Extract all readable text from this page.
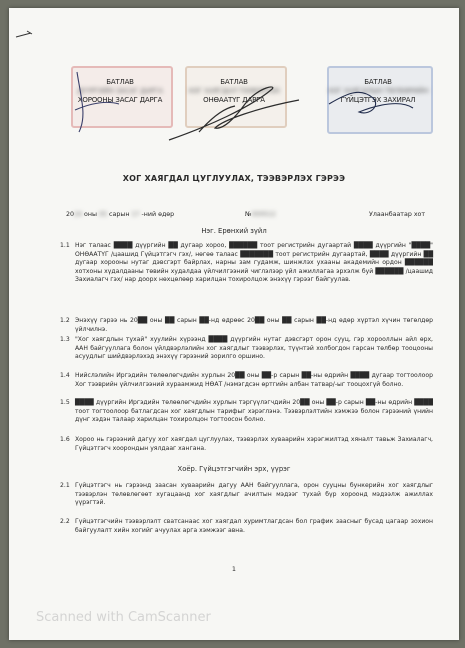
БАТЛАВ
ДҮҮРГИЙН ЗАСАГ ДАРГА
ХОРООНЫ ЗАСАГ ДАРГА
БАТЛАВ
ХОГ ХАЯГДАЛ ТЭЭВЭРЛЭХ
ОНӨААТҮГ ДАРГА
БАТЛАВ
ХОГ ХАЯГДЛЫН ТӨЛБӨРИЙН
ГҮЙЦЭТГЭХ ЗАХИРАЛ
ХОГ ХАЯГДАЛ ЦУГЛУУЛАХ, ТЭЭВЭРЛЭХ ГЭРЭЭ
2024 оны 05 сарын 17 -ний өдөр	№000512	Улаанбаатар хот
Нэг. Ерөнхий зүйл
1.1 Нэг талаас ████ дүүргийн ██ дугаар хороо, ██████ тоот регистрийн дугаартай ████ дүүргийн "████" ОНӨААТҮГ /цаашид Гүйцэтгэгч гэх/, нөгөө талаас ███████ тоот регистрийн дугаартай, ████ дүүргийн ██ дугаар хорооны нутаг дэвсгэрт байрлах, нарны зам гудамж, шинжлэх ухааны академийн ордон ██████ хотхоны хүдалдааны төвийн худалдаа үйлчилгээний чиглэлээр үйл ажиллагаа эрхэлж буй ██████ /цаашид Захиалагч гэх/ нар доорх нөхцөлөөр харилцан тохиролцож энэхүү гэрээг байгуулав.
1.2 Энэхүү гэрээ нь 20██ оны ██ сарын ██-нд өдрөөс 20██ оны ██ сарын ██-нд өдөр хүртэл хүчин төгөлдөр үйлчилнэ.
1.3 "Хог хаягдлын тухай" хуулийн хүрээнд ████ дүүргийн нутаг дэвсгэрт орон сууц, гэр хорооллын айл өрх, ААН байгууллага болон үйлдвэрлэлийн хог хаягдлыг тээвэрлэх, түүнтэй холбогдон гарсан төлбөр тооцооны асуудлыг шийдвэрлэхэд энэхүү гэрээний зорилго оршино.
1.4 Нийслэлийн Иргэдийн төлөөлөгчдийн хурлын 20██ оны ██-р сарын ██-ны өдрийн ████ дугаар тогтоолоор Хог тээврийн үйлчилгээний хураамжид НӨАТ /нэмэгдсэн өртгийн албан татвар/-ыг тооцохгүй болно.
1.5 ████ дүүргийн Иргэдийн төлөөлөгчдийн хурлын тэргүүлэгчдийн 20██ оны ██-р сарын ██-ны өдрийн ████ тоот тогтоолоор батлагдсан хог хаягдлын тарифыг хэрэглэнэ. Тээвэрлэлтийн хэмжээ болон гэрээний үнийн дүнг хэдэн талаар харилцан тохиролцон тогтоосон болно.
1.6 Хороо нь гэрээний дагуу хог хаягдал цуглуулах, тээвэрлэх хуваарийн хэрэгжилтэд хяналт тавьж Захиалагч, Гүйцэтгэгч хоорондын уялдааг хангана.
Хоёр. Гүйцэтгэгчийн эрх, үүрэг
2.1 Гүйцэтгэгч нь гэрээнд заасан хуваарийн дагуу ААН байгууллага, орон сууцны бункерийн хог хаягдлыг тээвэрлэн төлөвлөгөөт хугацаанд хог хаягдлыг ачилтын мэдээг тухай бүр хороонд мэдээлж ажиллах үүрэгтэй.
2.2 Гүйцэтгэгчийн тээвэрлэлт сватсанаас хог хаягдал хуримтлагдсан бол график заасныг бусад цагаар зохион байгуулалт хийн хогийг ачуулах арга хэмжээг авна.
1
Scanned with CamScanner
